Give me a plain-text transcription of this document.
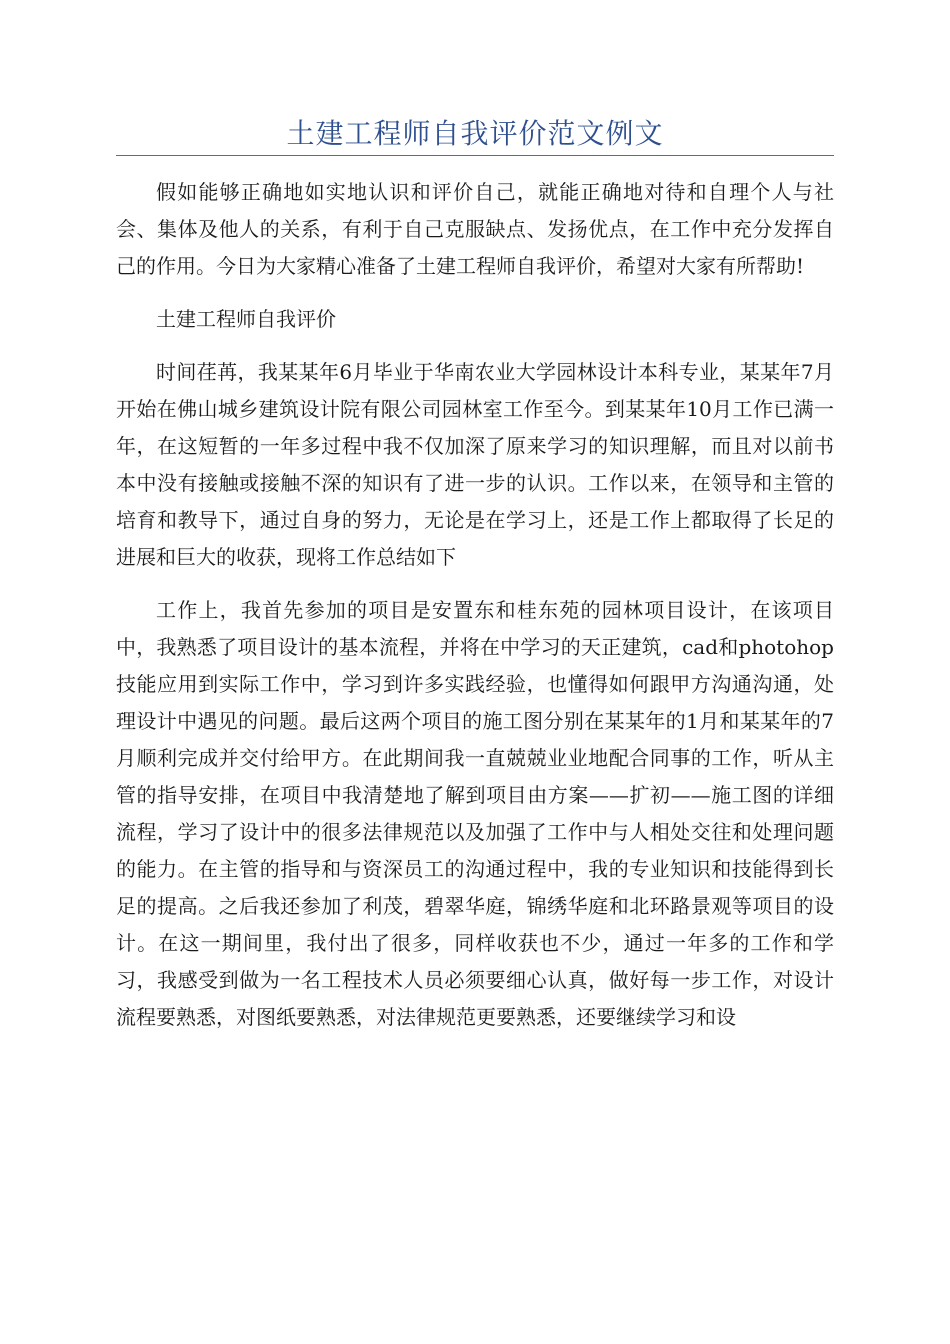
土建工程师自我评价范文例文

假如能够正确地如实地认识和评价自己，就能正确地对待和自理个人与社会、集体及他人的关系，有利于自己克服缺点、发扬优点，在工作中充分发挥自己的作用。今日为大家精心准备了土建工程师自我评价，希望对大家有所帮助!

土建工程师自我评价

时间荏苒，我某某年6月毕业于华南农业大学园林设计本科专业，某某年7月开始在佛山城乡建筑设计院有限公司园林室工作至今。到某某年10月工作已满一年，在这短暂的一年多过程中我不仅加深了原来学习的知识理解，而且对以前书本中没有接触或接触不深的知识有了进一步的认识。工作以来，在领导和主管的培育和教导下，通过自身的努力，无论是在学习上，还是工作上都取得了长足的进展和巨大的收获，现将工作总结如下

工作上，我首先参加的项目是安置东和桂东苑的园林项目设计，在该项目中，我熟悉了项目设计的基本流程，并将在中学习的天正建筑，cad和photohop技能应用到实际工作中，学习到许多实践经验，也懂得如何跟甲方沟通沟通，处理设计中遇见的问题。最后这两个项目的施工图分别在某某年的1月和某某年的7月顺利完成并交付给甲方。在此期间我一直兢兢业业地配合同事的工作，听从主管的指导安排，在项目中我清楚地了解到项目由方案——扩初——施工图的详细流程，学习了设计中的很多法律规范以及加强了工作中与人相处交往和处理问题的能力。在主管的指导和与资深员工的沟通过程中，我的专业知识和技能得到长足的提高。之后我还参加了利茂，碧翠华庭，锦绣华庭和北环路景观等项目的设计。在这一期间里，我付出了很多，同样收获也不少，通过一年多的工作和学习，我感受到做为一名工程技术人员必须要细心认真，做好每一步工作，对设计流程要熟悉，对图纸要熟悉，对法律规范更要熟悉，还要继续学习和设
